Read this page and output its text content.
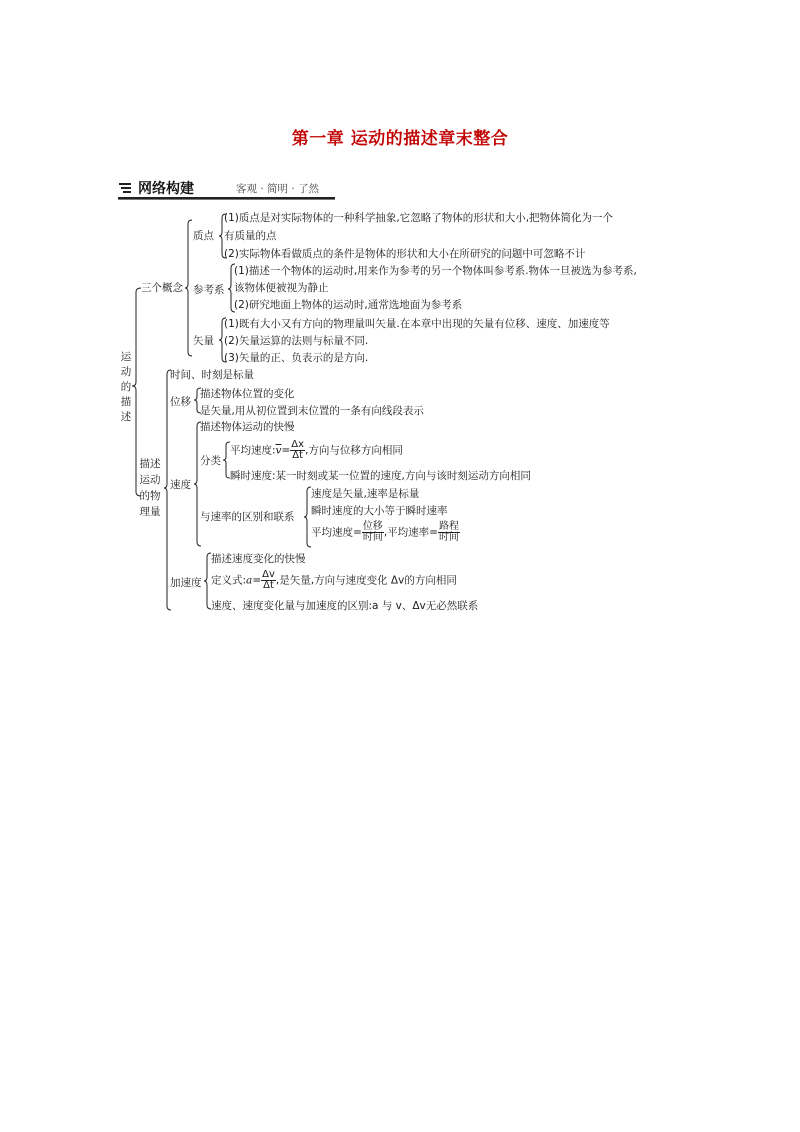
第一章 运动的描述章末整合
网络构建	客观 · 简明 · 了然
运动的描述
三个概念
质点
(1)质点是对实际物体的一种科学抽象,它忽略了物体的形状和大小,把物体简化为一个
有质量的点
(2)实际物体看做质点的条件是物体的形状和大小在所研究的问题中可忽略不计
参考系
(1)描述一个物体的运动时,用来作为参考的另一个物体叫参考系.物体一旦被选为参考系,
该物体便被视为静止
(2)研究地面上物体的运动时,通常选地面为参考系
矢量
(1)既有大小又有方向的物理量叫矢量.在本章中出现的矢量有位移、速度、加速度等
(2)矢量运算的法则与标量不同.
(3)矢量的正、负表示的是方向.
描述运动的物理量
时间、时刻是标量
位移
描述物体位置的变化
是矢量,用从初位置到末位置的一条有向线段表示
速度
描述物体运动的快慢
分类
平均速度$:\overline{v}= \frac{\Delta x}{\Delta t}$ ,方向与位移方向相同
瞬时速度:某一时刻或某一位置的速度,方向与该时刻运动方向相同
与速率的区别和联系
速度是矢量,速率是标量
瞬时速度的大小等于瞬时速率
平均速度= $\frac{\text{位移}}{\text{时间}}$ ,平均速率= $\frac{\text{路程}}{\text{时间}}$
加速度
描述速度变化的快慢
定义式:a= $\frac{\Delta v}{\Delta t}$ ,是矢量,方向与速度变化 Δv的方向相同
速度、速度变化量与加速度的区别:a 与 v、Δv无必然联系
